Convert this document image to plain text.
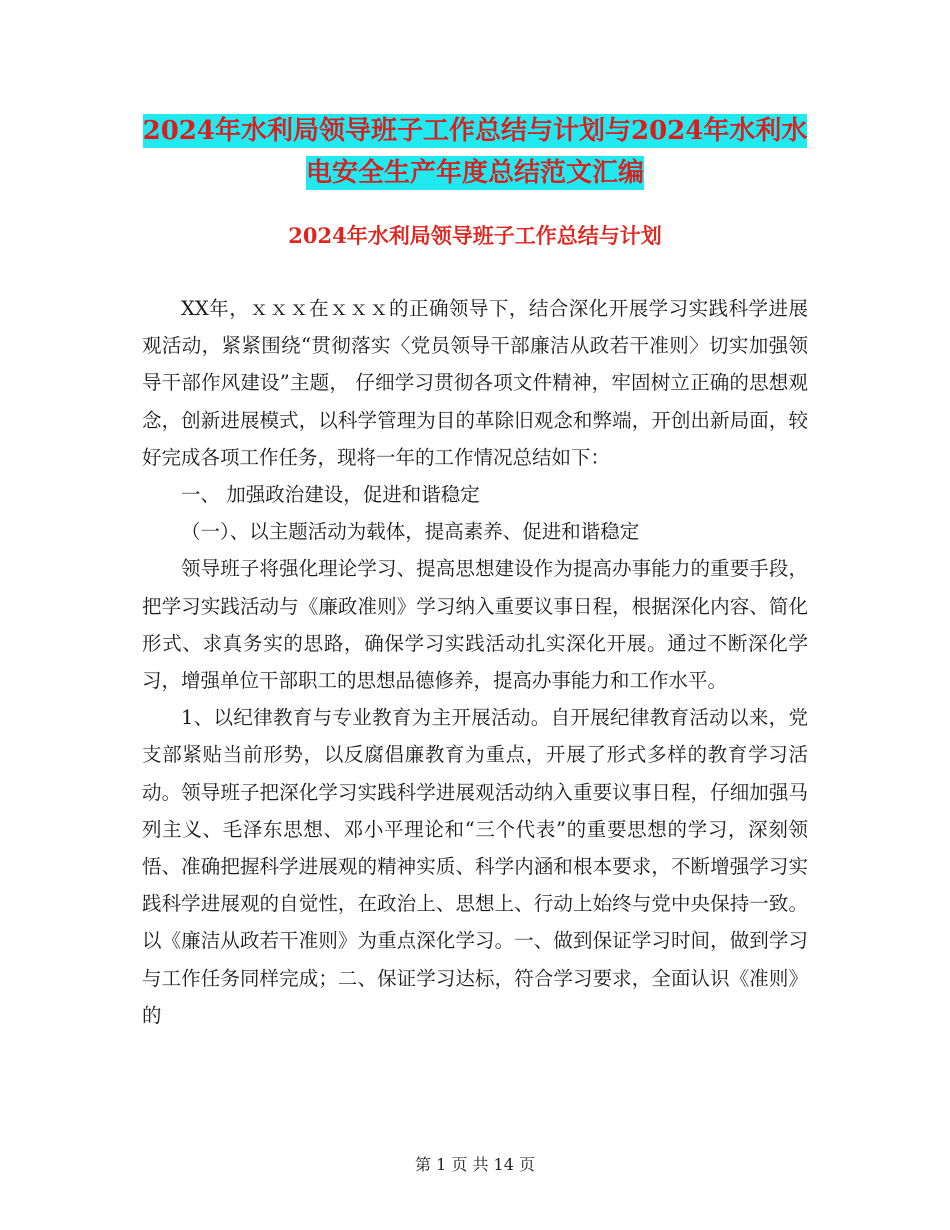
2024年水利局领导班子工作总结与计划与2024年水利水电安全生产年度总结范文汇编
2024年水利局领导班子工作总结与计划

XX年，ｘｘｘ在ｘｘｘ的正确领导下，结合深化开展学习实践科学进展观活动，紧紧围绕“贯彻落实〈党员领导干部廉洁从政若干准则〉切实加强领导干部作风建设”主题， 仔细学习贯彻各项文件精神，牢固树立正确的思想观念，创新进展模式，以科学管理为目的革除旧观念和弊端，开创出新局面，较好完成各项工作任务，现将一年的工作情况总结如下：

一、 加强政治建设，促进和谐稳定

（一）、以主题活动为载体，提高素养、促进和谐稳定

领导班子将强化理论学习、提高思想建设作为提高办事能力的重要手段，把学习实践活动与《廉政准则》学习纳入重要议事日程，根据深化内容、简化形式、求真务实的思路，确保学习实践活动扎实深化开展。通过不断深化学习，增强单位干部职工的思想品德修养，提高办事能力和工作水平。

1、以纪律教育与专业教育为主开展活动。自开展纪律教育活动以来，党支部紧贴当前形势，以反腐倡廉教育为重点，开展了形式多样的教育学习活动。领导班子把深化学习实践科学进展观活动纳入重要议事日程，仔细加强马列主义、毛泽东思想、邓小平理论和“三个代表”的重要思想的学习，深刻领悟、准确把握科学进展观的精神实质、科学内涵和根本要求，不断增强学习实践科学进展观的自觉性，在政治上、思想上、行动上始终与党中央保持一致。以《廉洁从政若干准则》为重点深化学习。一、做到保证学习时间，做到学习与工作任务同样完成；二、保证学习达标，符合学习要求，全面认识《准则》的

第 1 页 共 14 页
